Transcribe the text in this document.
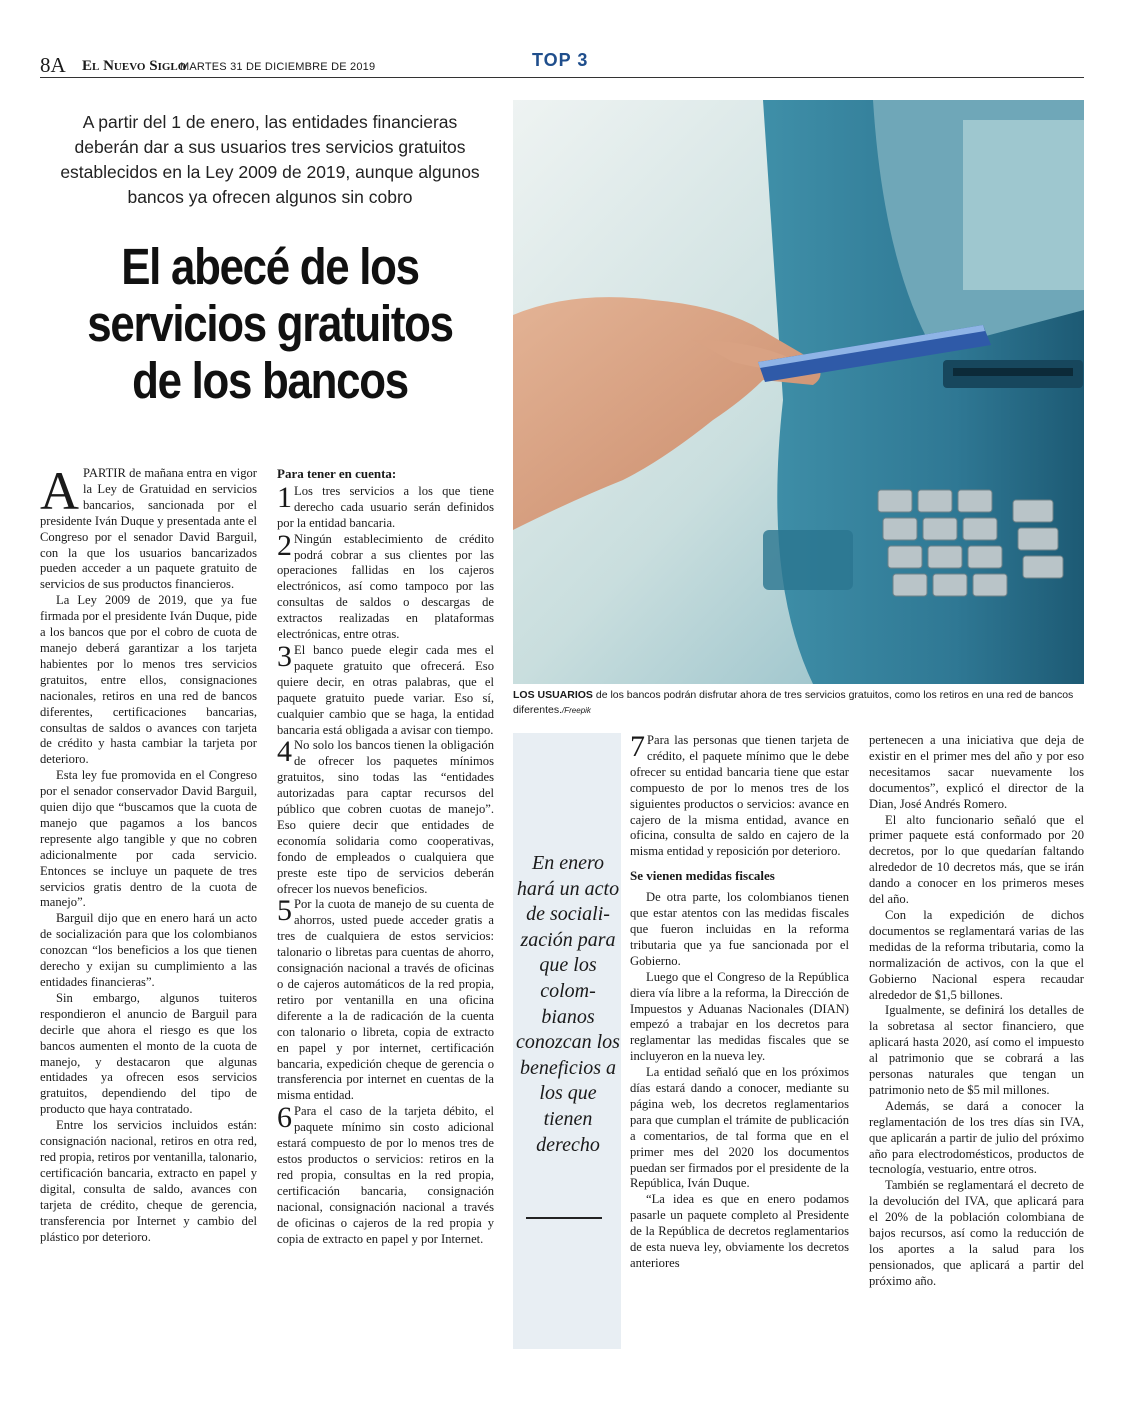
8A El Nuevo Siglo
MARTES 31 DE DICIEMBRE DE 2019	TOP 3
A partir del 1 de enero, las entidades financieras deberán dar a sus usuarios tres servicios gratuitos establecidos en la Ley 2009 de 2019, aunque algunos bancos ya ofrecen algunos sin cobro
El abecé de los
servicios gratuitos
de los bancos
LOS USUARIOS de los bancos podrán disfrutar ahora de tres servicios gratuitos, como los retiros en una red de bancos diferentes./Freepik

APARTIR de mañana entra en vigor la Ley de Gratuidad en servicios bancarios, sancionada por el presidente Iván Duque y presentada ante el Congreso por el senador David Barguil, con la que los usuarios bancarizados pueden acceder a un paquete gratuito de servicios de sus productos financieros.

La Ley 2009 de 2019, que ya fue firmada por el presidente Iván Duque, pide a los bancos que por el cobro de cuota de manejo deberá garantizar a los tarjeta habientes por lo menos tres servicios gratuitos, entre ellos, consignaciones nacionales, retiros en una red de bancos diferentes, certificaciones bancarias, consultas de saldos o avances con tarjeta de crédito y hasta cambiar la tarjeta por deterioro.

Esta ley fue promovida en el Congreso por el senador conservador David Barguil, quien dijo que “buscamos que la cuota de manejo que pagamos a los bancos represente algo tangible y que no cobren adicionalmente por cada servicio. Entonces se incluye un paquete de tres servicios gratis dentro de la cuota de manejo”.

Barguil dijo que en enero hará un acto de socialización para que los colombianos conozcan “los beneficios a los que tienen derecho y exijan su cumplimiento a las entidades financieras”.

Sin embargo, algunos tuiteros respondieron el anuncio de Barguil para decirle que ahora el riesgo es que los bancos aumenten el monto de la cuota de manejo, y destacaron que algunas entidades ya ofrecen esos servicios gratuitos, dependiendo del tipo de producto que haya contratado.

Entre los servicios incluidos están: consignación nacional, retiros en otra red, red propia, retiros por ventanilla, talonario, certificación bancaria, extracto en papel y digital, consulta de saldo, avances con tarjeta de crédito, cheque de gerencia, transferencia por Internet y cambio del plástico por deterioro.

Para tener en cuenta:
1 Los tres servicios a los que tiene derecho cada usuario serán definidos por la entidad bancaria.

2 Ningún establecimiento de crédito podrá cobrar a sus clientes por las operaciones fallidas en los cajeros electrónicos, así como tampoco por las consultas de saldos o descargas de extractos realizadas en plataformas electrónicas, entre otras.

3 El banco puede elegir cada mes el paquete gratuito que ofrecerá. Eso quiere decir, en otras palabras, que el paquete gratuito puede variar. Eso sí, cualquier cambio que se haga, la entidad bancaria está obligada a avisar con tiempo.

4 No solo los bancos tienen la obligación de ofrecer los paquetes mínimos gratuitos, sino todas las “entidades autorizadas para captar recursos del público que cobren cuotas de manejo”. Eso quiere decir que entidades de economía solidaria como cooperativas, fondo de empleados o cualquiera que preste este tipo de servicios deberán ofrecer los nuevos beneficios.

5 Por la cuota de manejo de su cuenta de ahorros, usted puede acceder gratis a tres de cualquiera de estos servicios: talonario o libretas para cuentas de ahorro, consignación nacional a través de oficinas o de cajeros automáticos de la red propia, retiro por ventanilla en una oficina diferente a la de radicación de la cuenta con talonario o libreta, copia de extracto en papel y por internet, certificación bancaria, expedición cheque de gerencia o transferencia por internet en cuentas de la misma entidad.

6 Para el caso de la tarjeta débito, el paquete mínimo sin costo adicional estará compuesto de por lo menos tres de estos productos o servicios: retiros en la red propia, consultas en la red propia, certificación bancaria, consignación nacional, consignación nacional a través de oficinas o cajeros de la red propia y copia de extracto en papel y por Internet.

En enero hará un acto de sociali-zación para que los colom-bianos conozcan los beneficios a los que tienen derecho
7 Para las personas que tienen tarjeta de crédito, el paquete mínimo que le debe ofrecer su entidad bancaria tiene que estar compuesto de por lo menos tres de los siguientes productos o servicios: avance en cajero de la misma entidad, avance en oficina, consulta de saldo en cajero de la misma entidad y reposición por deterioro.

Se vienen medidas fiscales

De otra parte, los colombianos tienen que estar atentos con las medidas fiscales que fueron incluidas en la reforma tributaria que ya fue sancionada por el Gobierno.

Luego que el Congreso de la República diera vía libre a la reforma, la Dirección de Impuestos y Aduanas Nacionales (DIAN) empezó a trabajar en los decretos para reglamentar las medidas fiscales que se incluyeron en la nueva ley.

La entidad señaló que en los próximos días estará dando a conocer, mediante su página web, los decretos reglamentarios para que cumplan el trámite de publicación a comentarios, de tal forma que en el primer mes del 2020 los documentos puedan ser firmados por el presidente de la República, Iván Duque.

“La idea es que en enero podamos pasarle un paquete completo al Presidente de la República de decretos reglamentarios de esta nueva ley, obviamente los decretos anteriores

pertenecen a una iniciativa que deja de existir en el primer mes del año y por eso necesitamos sacar nuevamente los documentos”, explicó el director de la Dian, José Andrés Romero.

El alto funcionario señaló que el primer paquete está conformado por 20 decretos, por lo que quedarían faltando alrededor de 10 decretos más, que se irán dando a conocer en los primeros meses del año.

Con la expedición de dichos documentos se reglamentará varias de las medidas de la reforma tributaria, como la normalización de activos, con la que el Gobierno Nacional espera recaudar alrededor de $1,5 billones.

Igualmente, se definirá los detalles de la sobretasa al sector financiero, que aplicará hasta 2020, así como el impuesto al patrimonio que se cobrará a las personas naturales que tengan un patrimonio neto de $5 mil millones.

Además, se dará a conocer la reglamentación de los tres días sin IVA, que aplicarán a partir de julio del próximo año para electrodomésticos, productos de tecnología, vestuario, entre otros.

También se reglamentará el decreto de la devolución del IVA, que aplicará para el 20% de la población colombiana de bajos recursos, así como la reducción de los aportes a la salud para los pensionados, que aplicará a partir del próximo año.
